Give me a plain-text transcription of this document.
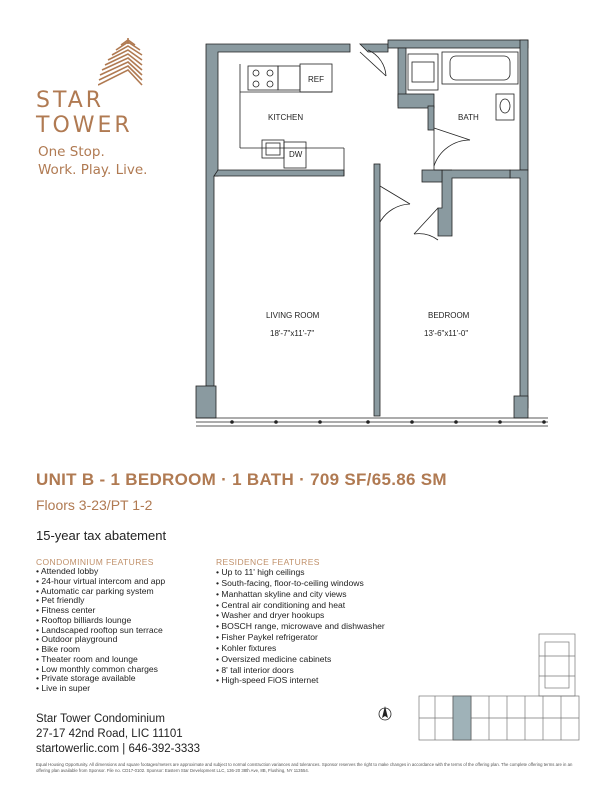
STAR
TOWER
One Stop.
Work. Play. Live.
REF
KITCHEN
DW
BATH
LIVING ROOM
18'-7"x11'-7"
BEDROOM
13'-6"x11'-0"
UNIT B - 1 BEDROOM · 1 BATH · 709 SF/65.86 SM
Floors 3-23/PT 1-2
15-year tax abatement
CONDOMINIUM FEATURES
• Attended lobby
• 24-hour virtual intercom and app
• Automatic car parking system
• Pet friendly
• Fitness center
• Rooftop billiards lounge
• Landscaped rooftop sun terrace
• Outdoor playground
• Bike room
• Theater room and lounge
• Low monthly common charges
• Private storage available
• Live in super
RESIDENCE FEATURES
• Up to 11' high ceilings
• South-facing, floor-to-ceiling windows
• Manhattan skyline and city views
• Central air conditioning and heat
• Washer and dryer hookups
• BOSCH range, microwave and dishwasher
• Fisher Paykel refrigerator
• Kohler fixtures
• Oversized medicine cabinets
• 8' tall interior doors
• High-speed FiOS internet
Star Tower Condominium
27-17 42nd Road, LIC 11101
startowerlic.com | 646-392-3333
Equal Housing Opportunity. All dimensions and square footages/meters are approximate and subject to normal construction variances and tolerances. Sponsor reserves the right to make changes in accordance with the terms of the offering plan. The complete offering terms are in an offering plan available from Sponsor. File no. CD17-0102. Sponsor: Eastern Star Development LLC, 136-20 38th Ave, 8B, Flushing, NY 113554.
